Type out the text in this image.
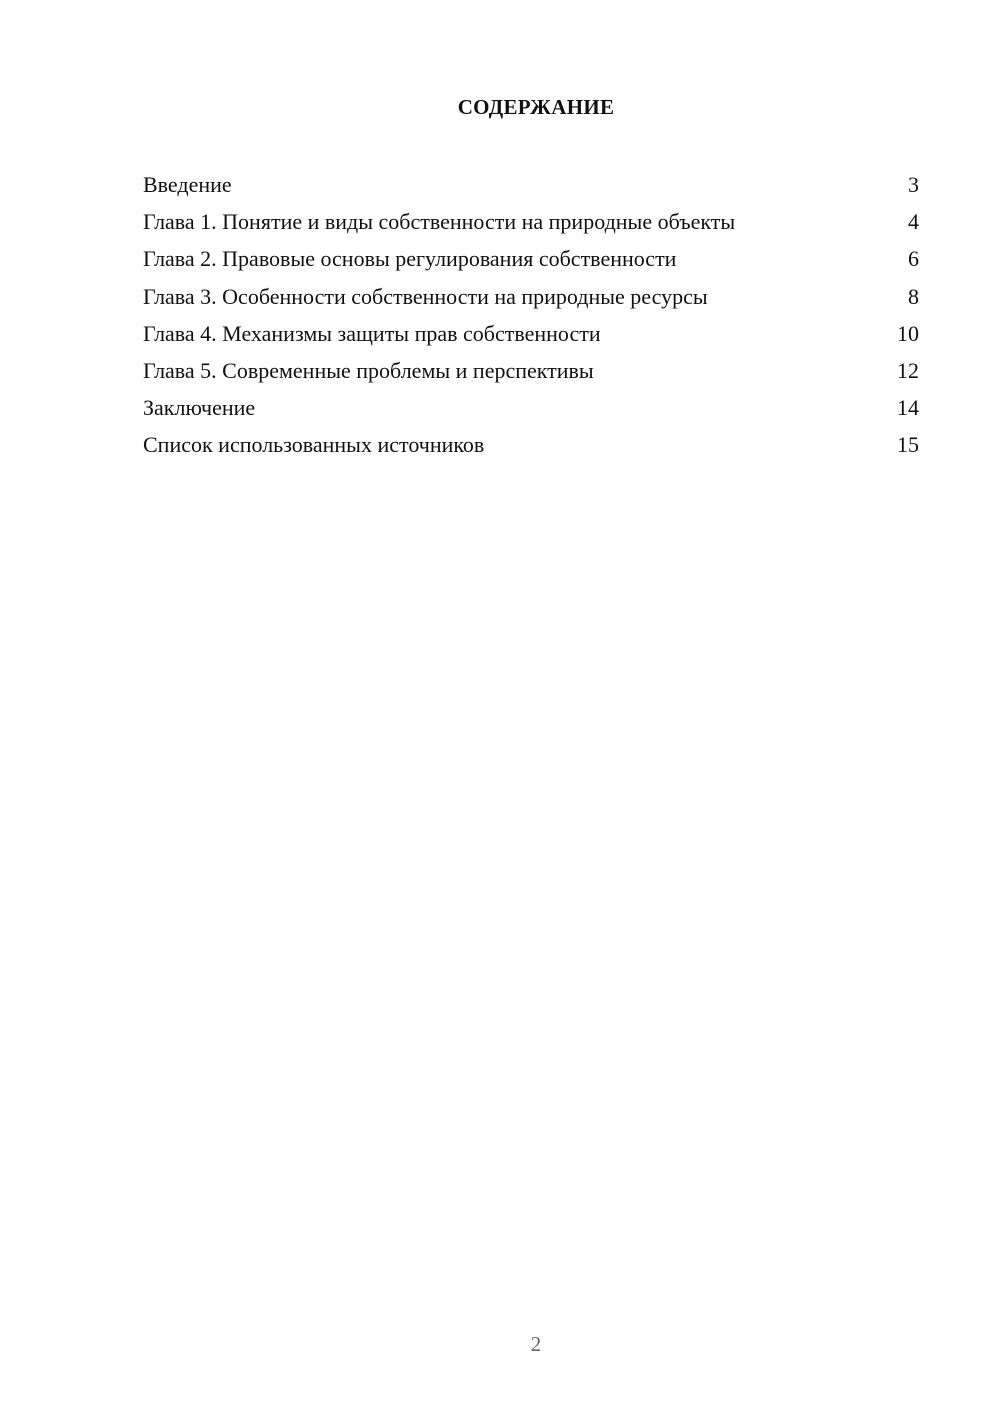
СОДЕРЖАНИЕ
Введение	3
Глава 1. Понятие и виды собственности на природные объекты	4
Глава 2. Правовые основы регулирования собственности	6
Глава 3. Особенности собственности на природные ресурсы	8
Глава 4. Механизмы защиты прав собственности	10
Глава 5. Современные проблемы и перспективы	12
Заключение	14
Список использованных источников	15
2
